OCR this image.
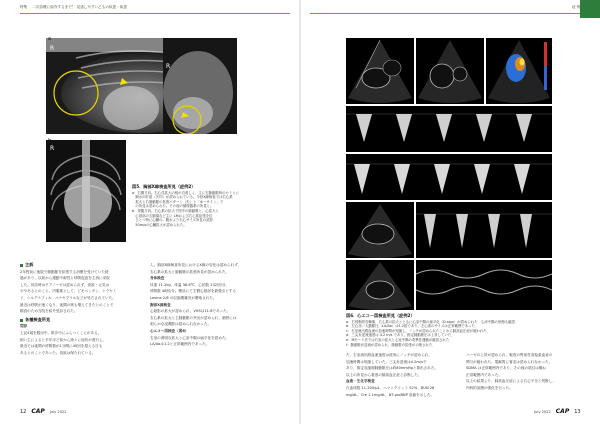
特集 二次診療に紹介するまで！ 見逃しやすい乙もの疾患・疾患	症 例
R
a
R
R
b
図5．胸部X線検査所見（症例2）
a：右側方向。右心性拡大の相が自著しく、主に右肺動脈幹のセミとに
　胸水の貯留（矢印）が認められている。今回X線検査では右心系
　拡大と右肺動脈の拡張パターン（矢）と「ゆーサイン」で
　の所見は認められた。その他の循環器系の所見と。
b：背腹方向。右心系の拡大で図中の肺動脈と、心拡大と
　心基部の右肺葉など主に LMおよび右心系拡張を抗
　ひとつ特に心臓の。腹水より右心サイズ所見の読影
　50ｍ/sの心臓拡大が認められた。
主訴

2年程前に他院で肺動脈を拡張する治療を受けていた経

過があり、以前から運動不耐性と呼吸促迫を主訴に来院

した。初診時はチアノーゼは認められず、食欲・元気は

ややあるとのこと。内服薬として、ピモベンダン、トラセミ

ド、シルデナフィル、ベナゼプリルなどが処方されていた。

最近は呼吸が速くなり、夜間の咳も増えてきたとのことで

精査のため当院を紹介受診された。

各種検査所見

問診

上記4剤を服用中。散歩中にふらつくことがある。

飼い主によると半年ほど前から徐々に症状が進行し、

最近では夜間の呼吸数が1分間に40回を超える日も

あるとのことであった。食欲は保たれている。

ん。胸部X線検査所見におけるX線の変化は認められず、

右心系の拡大と肺動脈の拡張所見が認められた。

身体検査

体重 11.2kg、体温 38.6℃、心拍数 132回/分、

呼吸数 48回/分。聴診にて左側心基部を最強点とする

Levine 2/6 の収縮期雑音が聴取された。

胸部X線検査

心陰影の拡大が認められ、VHSは11.6であった。

右心系の拡大と主肺動脈の突出が認められ、肺野には

明らかな浸潤影は認められなかった。

心エコー図検査（図6）

右室の著明な拡大と心室中隔の扁平化を認めた。

LA/Aoは1.2と正常範囲内であった。

図6．心エコー図検査所見（症例2）
a：右傍胸骨長軸像．右心系の拡大とともに心室中隔の扁平化（D-sign）が認められた．心房中隔の形態も確認．
b：左心房／大動脈比（LA/Ao）は1.2倍であり，左心系のサイズは正常範囲であった．
c：右室流出路血流の加速時間が短縮し，ノッチが認められたことから肺高血圧症が疑われた．
d：三尖弁逆流速度は 4.2 m/s であり，推定肺動脈圧は上昇していた．
e：Mモード法では右室の拡大と心室中隔の奇異性運動が確認された．
f：肺動脈弁逆流が認められ，肺動脈の拡張が示唆された．

た、右室流出路血流速度は波形にノッチが認められ、

加速時間は短縮していた。三尖弁逆流は4.2m/sで

あり、推定収縮期肺動脈圧は約80mmHgと算出された。

以上の所見から重度の肺高血圧症と診断した。

血液・生化学検査

白血球数 11,200/μL、ヘマトクリット 52%、BUN 28

mg/dL、Cre 1.1mg/dL、NT-proBNP 高値を示した。

バーゼの上昇が認められ、軽度の腎前性高窒素血症の

関与が疑われた。電解質に著変は認められなかった。

SDMA は正常範囲内であり、その他の項目は概ね

正常範囲内であった。

以上の結果より、肺高血圧症による右心不全と判断し、

内科的治療の強化を行った。

12 CAP July 2022	July 2022 CAP 13
